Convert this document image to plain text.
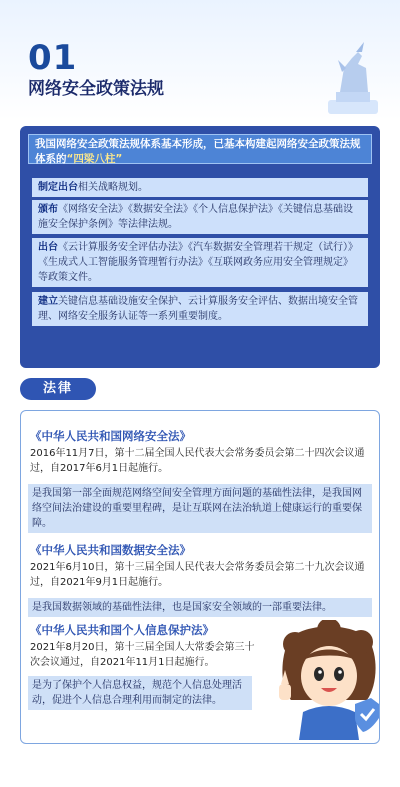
01
网络安全政策法规
我国网络安全政策法规体系基本形成，已基本构建起网络安全政策法规体系的“四梁八柱”
制定出台相关战略规划。
颁布《网络安全法》《数据安全法》《个人信息保护法》《关键信息基础设施安全保护条例》等法律法规。
出台《云计算服务安全评估办法》《汽车数据安全管理若干规定（试行）》《生成式人工智能服务管理暂行办法》《互联网政务应用安全管理规定》等政策文件。
建立关键信息基础设施安全保护、云计算服务安全评估、数据出境安全管理、网络安全服务认证等一系列重要制度。
法律
《中华人民共和国网络安全法》
2016年11月7日，第十二届全国人民代表大会常务委员会第二十四次会议通过，自2017年6月1日起施行。
是我国第一部全面规范网络空间安全管理方面问题的基础性法律，是我国网络空间法治建设的重要里程碑，是让互联网在法治轨道上健康运行的重要保障。
《中华人民共和国数据安全法》
2021年6月10日，第十三届全国人民代表大会常务委员会第二十九次会议通过，自2021年9月1日起施行。
是我国数据领域的基础性法律，也是国家安全领域的一部重要法律。
《中华人民共和国个人信息保护法》
2021年8月20日，第十三届全国人大常委会第三十次会议通过，自2021年11月1日起施行。
是为了保护个人信息权益，规范个人信息处理活动，促进个人信息合理利用而制定的法律。
